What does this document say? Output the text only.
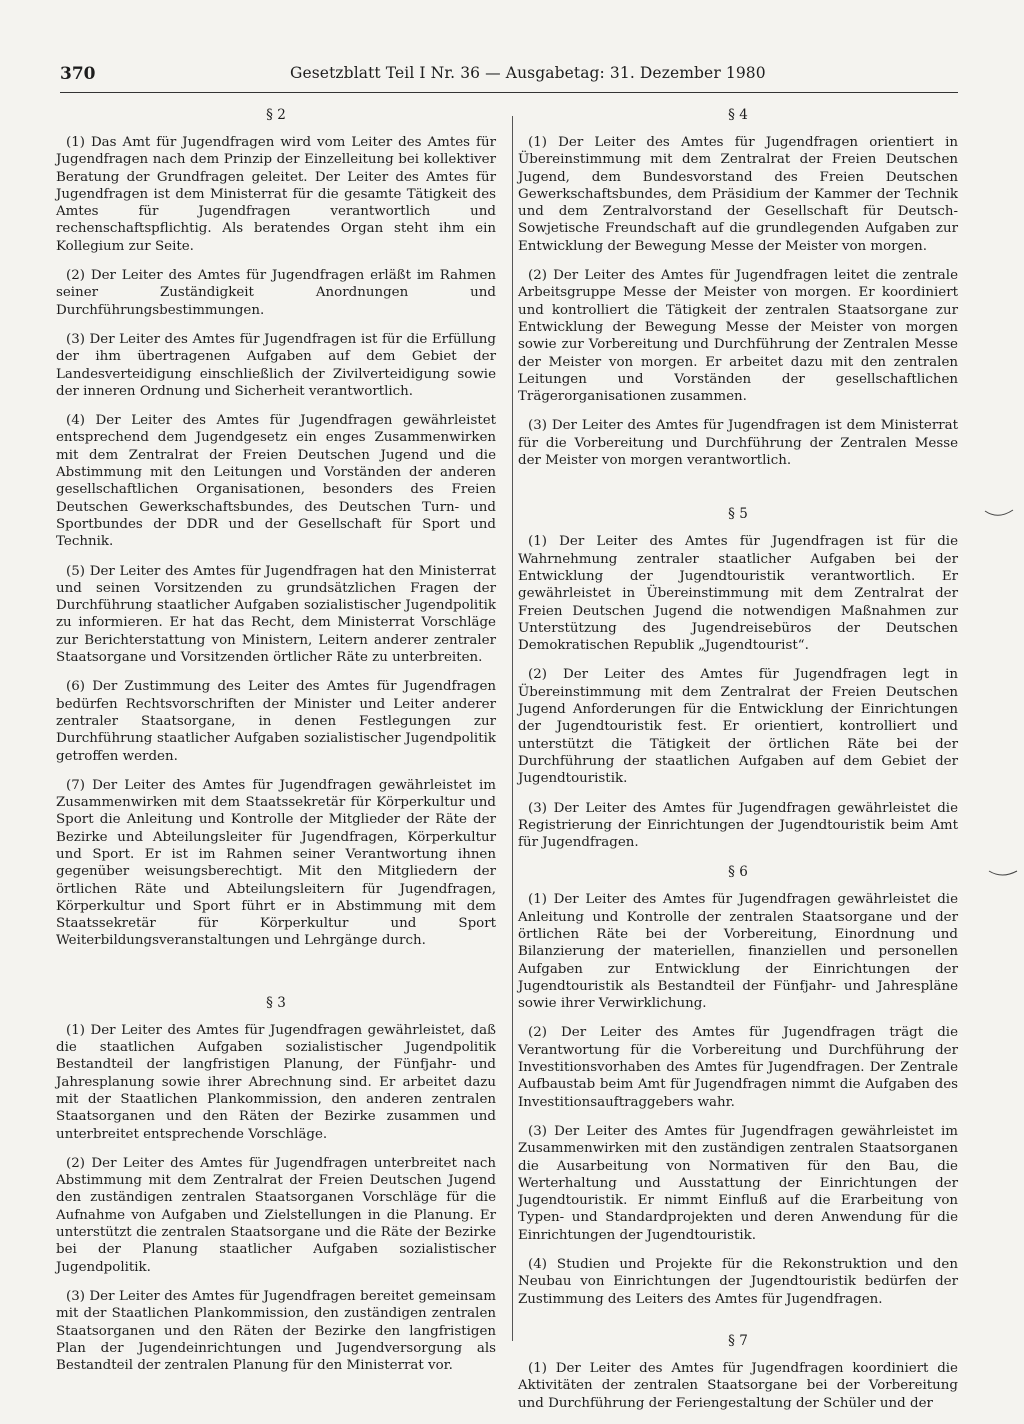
370	Gesetzblatt Teil I Nr. 36 — Ausgabetag: 31. Dezember 1980
§ 2

(1) Das Amt für Jugendfragen wird vom Leiter des Amtes für Jugendfragen nach dem Prinzip der Einzelleitung bei kollektiver Beratung der Grundfragen geleitet. Der Leiter des Amtes für Jugendfragen ist dem Ministerrat für die gesamte Tätigkeit des Amtes für Jugendfragen verantwortlich und rechenschaftspflichtig. Als beratendes Organ steht ihm ein Kollegium zur Seite.

(2) Der Leiter des Amtes für Jugendfragen erläßt im Rahmen seiner Zuständigkeit Anordnungen und Durchführungsbestimmungen.

(3) Der Leiter des Amtes für Jugendfragen ist für die Erfüllung der ihm übertragenen Aufgaben auf dem Gebiet der Landesverteidigung einschließlich der Zivilverteidigung sowie der inneren Ordnung und Sicherheit verantwortlich.

(4) Der Leiter des Amtes für Jugendfragen gewährleistet entsprechend dem Jugendgesetz ein enges Zusammenwirken mit dem Zentralrat der Freien Deutschen Jugend und die Abstimmung mit den Leitungen und Vorständen der anderen gesellschaftlichen Organisationen, besonders des Freien Deutschen Gewerkschaftsbundes, des Deutschen Turn- und Sportbundes der DDR und der Gesellschaft für Sport und Technik.

(5) Der Leiter des Amtes für Jugendfragen hat den Ministerrat und seinen Vorsitzenden zu grundsätzlichen Fragen der Durchführung staatlicher Aufgaben sozialistischer Jugendpolitik zu informieren. Er hat das Recht, dem Ministerrat Vorschläge zur Berichterstattung von Ministern, Leitern anderer zentraler Staatsorgane und Vorsitzenden örtlicher Räte zu unterbreiten.

(6) Der Zustimmung des Leiter des Amtes für Jugendfragen bedürfen Rechtsvorschriften der Minister und Leiter anderer zentraler Staatsorgane, in denen Festlegungen zur Durchführung staatlicher Aufgaben sozialistischer Jugendpolitik getroffen werden.

(7) Der Leiter des Amtes für Jugendfragen gewährleistet im Zusammenwirken mit dem Staatssekretär für Körperkultur und Sport die Anleitung und Kontrolle der Mitglieder der Räte der Bezirke und Abteilungsleiter für Jugendfragen, Körperkultur und Sport. Er ist im Rahmen seiner Verantwortung ihnen gegenüber weisungsberechtigt. Mit den Mitgliedern der örtlichen Räte und Abteilungsleitern für Jugendfragen, Körperkultur und Sport führt er in Abstimmung mit dem Staatssekretär für Körperkultur und Sport Weiterbildungsveranstaltungen und Lehrgänge durch.

§ 3

(1) Der Leiter des Amtes für Jugendfragen gewährleistet, daß die staatlichen Aufgaben sozialistischer Jugendpolitik Bestandteil der langfristigen Planung, der Fünfjahr- und Jahresplanung sowie ihrer Abrechnung sind. Er arbeitet dazu mit der Staatlichen Plankommission, den anderen zentralen Staatsorganen und den Räten der Bezirke zusammen und unterbreitet entsprechende Vorschläge.

(2) Der Leiter des Amtes für Jugendfragen unterbreitet nach Abstimmung mit dem Zentralrat der Freien Deutschen Jugend den zuständigen zentralen Staatsorganen Vorschläge für die Aufnahme von Aufgaben und Zielstellungen in die Planung. Er unterstützt die zentralen Staatsorgane und die Räte der Bezirke bei der Planung staatlicher Aufgaben sozialistischer Jugendpolitik.

(3) Der Leiter des Amtes für Jugendfragen bereitet gemeinsam mit der Staatlichen Plankommission, den zuständigen zentralen Staatsorganen und den Räten der Bezirke den langfristigen Plan der Jugendeinrichtungen und Jugendversorgung als Bestandteil der zentralen Planung für den Ministerrat vor.

§ 4

(1) Der Leiter des Amtes für Jugendfragen orientiert in Übereinstimmung mit dem Zentralrat der Freien Deutschen Jugend, dem Bundesvorstand des Freien Deutschen Gewerkschaftsbundes, dem Präsidium der Kammer der Technik und dem Zentralvorstand der Gesellschaft für Deutsch-Sowjetische Freundschaft auf die grundlegenden Aufgaben zur Entwicklung der Bewegung Messe der Meister von morgen.

(2) Der Leiter des Amtes für Jugendfragen leitet die zentrale Arbeitsgruppe Messe der Meister von morgen. Er koordiniert und kontrolliert die Tätigkeit der zentralen Staatsorgane zur Entwicklung der Bewegung Messe der Meister von morgen sowie zur Vorbereitung und Durchführung der Zentralen Messe der Meister von morgen. Er arbeitet dazu mit den zentralen Leitungen und Vorständen der gesellschaftlichen Trägerorganisationen zusammen.

(3) Der Leiter des Amtes für Jugendfragen ist dem Ministerrat für die Vorbereitung und Durchführung der Zentralen Messe der Meister von morgen verantwortlich.

§ 5

(1) Der Leiter des Amtes für Jugendfragen ist für die Wahrnehmung zentraler staatlicher Aufgaben bei der Entwicklung der Jugendtouristik verantwortlich. Er gewährleistet in Übereinstimmung mit dem Zentralrat der Freien Deutschen Jugend die notwendigen Maßnahmen zur Unterstützung des Jugendreisebüros der Deutschen Demokratischen Republik „Jugendtourist“.

(2) Der Leiter des Amtes für Jugendfragen legt in Übereinstimmung mit dem Zentralrat der Freien Deutschen Jugend Anforderungen für die Entwicklung der Einrichtungen der Jugendtouristik fest. Er orientiert, kontrolliert und unterstützt die Tätigkeit der örtlichen Räte bei der Durchführung der staatlichen Aufgaben auf dem Gebiet der Jugendtouristik.

(3) Der Leiter des Amtes für Jugendfragen gewährleistet die Registrierung der Einrichtungen der Jugendtouristik beim Amt für Jugendfragen.

§ 6

(1) Der Leiter des Amtes für Jugendfragen gewährleistet die Anleitung und Kontrolle der zentralen Staatsorgane und der örtlichen Räte bei der Vorbereitung, Einordnung und Bilanzierung der materiellen, finanziellen und personellen Aufgaben zur Entwicklung der Einrichtungen der Jugendtouristik als Bestandteil der Fünfjahr- und Jahrespläne sowie ihrer Verwirklichung.

(2) Der Leiter des Amtes für Jugendfragen trägt die Verantwortung für die Vorbereitung und Durchführung der Investitionsvorhaben des Amtes für Jugendfragen. Der Zentrale Aufbaustab beim Amt für Jugendfragen nimmt die Aufgaben des Investitionsauftraggebers wahr.

(3) Der Leiter des Amtes für Jugendfragen gewährleistet im Zusammenwirken mit den zuständigen zentralen Staatsorganen die Ausarbeitung von Normativen für den Bau, die Werterhaltung und Ausstattung der Einrichtungen der Jugendtouristik. Er nimmt Einfluß auf die Erarbeitung von Typen- und Standardprojekten und deren Anwendung für die Einrichtungen der Jugendtouristik.

(4) Studien und Projekte für die Rekonstruktion und den Neubau von Einrichtungen der Jugendtouristik bedürfen der Zustimmung des Leiters des Amtes für Jugendfragen.

§ 7

(1) Der Leiter des Amtes für Jugendfragen koordiniert die Aktivitäten der zentralen Staatsorgane bei der Vorbereitung und Durchführung der Feriengestaltung der Schüler und der
